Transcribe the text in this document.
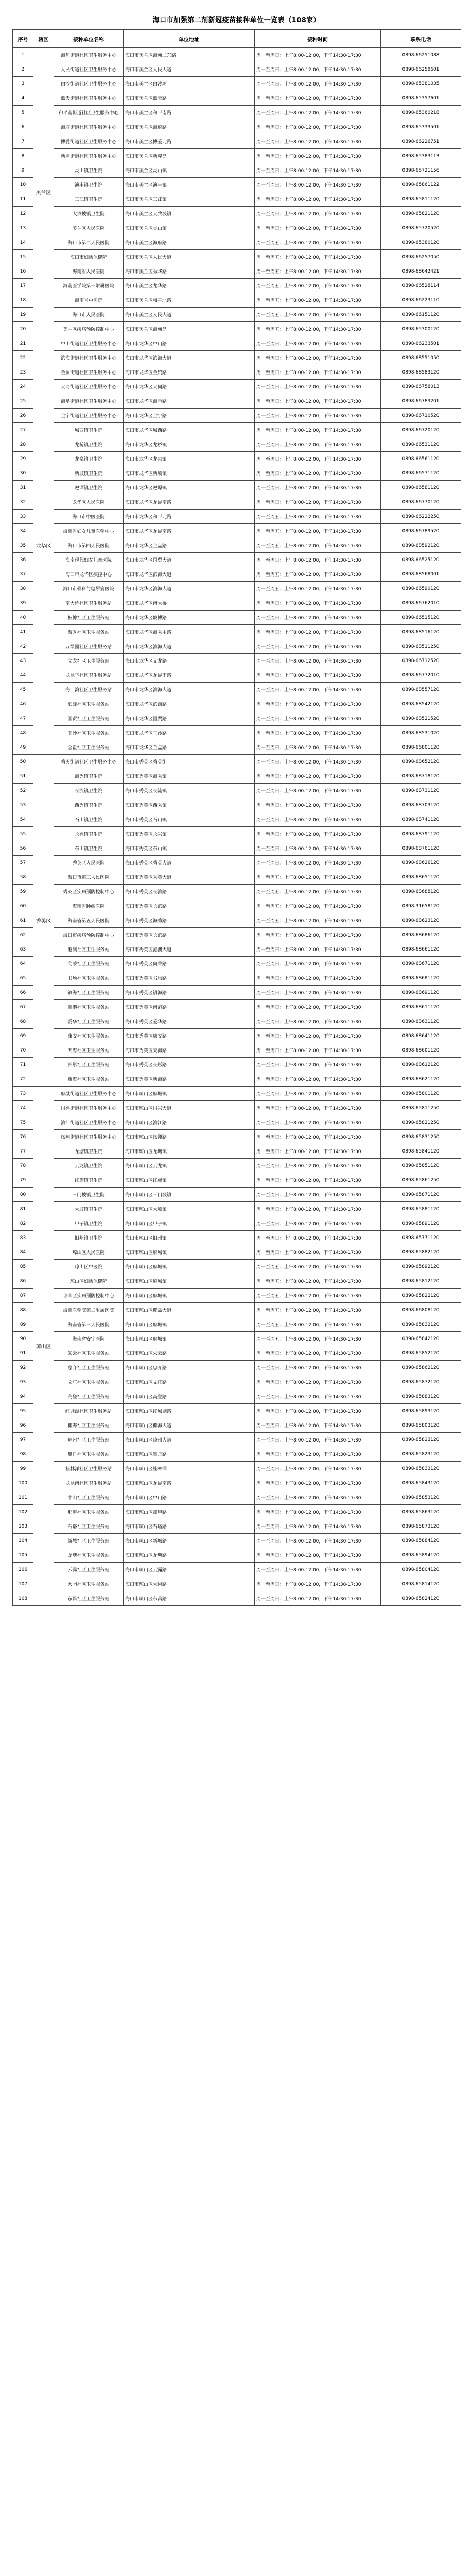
海口市加强第二剂新冠疫苗接种单位一览表（108家）
序号	辖区	接种单位名称	单位地址	接种时间	联系电话
1	美兰区	海甸街道社区卫生服务中心	海口市美兰区海甸二东路	周一至周日：上午8:00-12:00，下午14:30-17:30	0898-66251088
2		人民街道社区卫生服务中心	海口市美兰区人民大道	周一至周日：上午8:00-12:00，下午14:30-17:30	0898-66258601
3		白沙街道社区卫生服务中心	海口市美兰区白沙坊	周一至周日：上午8:00-12:00，下午14:30-17:30	0898-65381035
4		蓝天街道社区卫生服务中心	海口市美兰区蓝天路	周一至周日：上午8:00-12:00，下午14:30-17:30	0898-65357601
5		和平南街道社区卫生服务中心	海口市美兰区和平南路	周一至周日：上午8:00-12:00，下午14:30-17:30	0898-65360218
6		海府街道社区卫生服务中心	海口市美兰区海府路	周一至周日：上午8:00-12:00，下午14:30-17:30	0898-65333501
7		博爱街道社区卫生服务中心	海口市美兰区博爱北路	周一至周日：上午8:00-12:00，下午14:30-17:30	0898-66226751
8		新埠街道社区卫生服务中心	海口市美兰区新埠岛	周一至周日：上午8:00-12:00，下午14:30-17:30	0898-65383113
9		灵山镇卫生院	海口市美兰区灵山镇	周一至周日：上午8:00-12:00，下午14:30-17:30	0898-65721156
10		演丰镇卫生院	海口市美兰区演丰镇	周一至周日：上午8:00-12:00，下午14:30-17:30	0898-65861122
11		三江镇卫生院	海口市美兰区三江镇	周一至周日：上午8:00-12:00，下午14:30-17:30	0898-65811120
12		大致坡镇卫生院	海口市美兰区大致坡镇	周一至周日：上午8:00-12:00，下午14:30-17:30	0898-65821120
13		美兰区人民医院	海口市美兰区灵山镇	周一至周日：上午8:00-12:00，下午14:30-17:30	0898-65720520
14		海口市第二人民医院	海口市美兰区海府路	周一至周五：上午8:00-12:00，下午14:30-17:30	0898-65380120
15		海口市妇幼保健院	海口市美兰区人民大道	周一至周五：上午8:00-12:00，下午14:30-17:30	0898-66257050
16		海南省人民医院	海口市美兰区秀华路	周一至周五：上午8:00-12:00，下午14:30-17:30	0898-68642421
17		海南医学院第一附属医院	海口市美兰区龙华路	周一至周五：上午8:00-12:00，下午14:30-17:30	0898-66528114
18		海南省中医院	海口市美兰区和平北路	周一至周五：上午8:00-12:00，下午14:30-17:30	0898-66223110
19		海口市人民医院	海口市美兰区人民大道	周一至周五：上午8:00-12:00，下午14:30-17:30	0898-66151120
20		美兰区疾病预防控制中心	海口市美兰区海甸岛	周一至周五：上午8:00-12:00，下午14:30-17:30	0898-65300120
21	龙华区	中山街道社区卫生服务中心	海口市龙华区中山路	周一至周日：上午8:00-12:00，下午14:30-17:30	0898-66233501
22		滨海街道社区卫生服务中心	海口市龙华区滨海大道	周一至周日：上午8:00-12:00，下午14:30-17:30	0898-68551050
23		金贸街道社区卫生服务中心	海口市龙华区金贸路	周一至周日：上午8:00-12:00，下午14:30-17:30	0898-68583120
24		大同街道社区卫生服务中心	海口市龙华区大同路	周一至周日：上午8:00-12:00，下午14:30-17:30	0898-66758013
25		海垦街道社区卫生服务中心	海口市龙华区海垦路	周一至周日：上午8:00-12:00，下午14:30-17:30	0898-66783201
26		金宇街道社区卫生服务中心	海口市龙华区金宇路	周一至周日：上午8:00-12:00，下午14:30-17:30	0898-66710520
27		城西镇卫生院	海口市龙华区城西路	周一至周日：上午8:00-12:00，下午14:30-17:30	0898-66720120
28		龙桥镇卫生院	海口市龙华区龙桥镇	周一至周日：上午8:00-12:00，下午14:30-17:30	0898-66531120
29		龙泉镇卫生院	海口市龙华区龙泉镇	周一至周日：上午8:00-12:00，下午14:30-17:30	0898-66561120
30		新坡镇卫生院	海口市龙华区新坡镇	周一至周日：上午8:00-12:00，下午14:30-17:30	0898-66571120
31		遵谭镇卫生院	海口市龙华区遵谭镇	周一至周日：上午8:00-12:00，下午14:30-17:30	0898-66581120
32		龙华区人民医院	海口市龙华区龙昆南路	周一至周日：上午8:00-12:00，下午14:30-17:30	0898-66770120
33		海口市中医医院	海口市龙华区和平北路	周一至周五：上午8:00-12:00，下午14:30-17:30	0898-66222250
34		海南省妇女儿童医学中心	海口市龙华区龙昆南路	周一至周五：上午8:00-12:00，下午14:30-17:30	0898-66789520
35		海口市第四人民医院	海口市龙华区金盘路	周一至周五：上午8:00-12:00，下午14:30-17:30	0898-68592120
36		海南现代妇女儿童医院	海口市龙华区国贸大道	周一至周日：上午8:00-12:00，下午14:30-17:30	0898-66525120
37		海口市龙华区疾控中心	海口市龙华区滨海大道	周一至周五：上午8:00-12:00，下午14:30-17:30	0898-68568001
38		海口市骨科与糖尿病医院	海口市龙华区滨海大道	周一至周五：上午8:00-12:00，下午14:30-17:30	0898-66590120
39		南大桥社区卫生服务站	海口市龙华区南大桥	周一至周日：上午8:00-12:00，下午14:30-17:30	0898-66762010
40		坡博社区卫生服务站	海口市龙华区坡博路	周一至周日：上午8:00-12:00，下午14:30-17:30	0898-66515120
41		海秀社区卫生服务站	海口市龙华区海秀中路	周一至周日：上午8:00-12:00，下午14:30-17:30	0898-68516120
42		万绿园社区卫生服务站	海口市龙华区滨海大道	周一至周日：上午8:00-12:00，下午14:30-17:30	0898-68511250
43		义龙社区卫生服务站	海口市龙华区义龙路	周一至周日：上午8:00-12:00，下午14:30-17:30	0898-66712520
44		龙昆下社区卫生服务站	海口市龙华区龙昆下路	周一至周日：上午8:00-12:00，下午14:30-17:30	0898-66772010
45		海口湾社区卫生服务站	海口市龙华区滨海大道	周一至周日：上午8:00-12:00，下午14:30-17:30	0898-68557120
46		滨濂社区卫生服务站	海口市龙华区滨濂路	周一至周日：上午8:00-12:00，下午14:30-17:30	0898-68542120
47		国贸社区卫生服务站	海口市龙华区国贸路	周一至周日：上午8:00-12:00，下午14:30-17:30	0898-68521520
48		玉沙社区卫生服务站	海口市龙华区玉沙路	周一至周日：上午8:00-12:00，下午14:30-17:30	0898-68531020
49		金盘社区卫生服务站	海口市龙华区金盘路	周一至周日：上午8:00-12:00，下午14:30-17:30	0898-66801120
50	秀英区	秀英街道社区卫生服务中心	海口市秀英区秀英街	周一至周日：上午8:00-12:00，下午14:30-17:30	0898-68652120
51		海秀镇卫生院	海口市秀英区海秀镇	周一至周日：上午8:00-12:00，下午14:30-17:30	0898-68718120
52		长流镇卫生院	海口市秀英区长流镇	周一至周日：上午8:00-12:00，下午14:30-17:30	0898-68731120
53		西秀镇卫生院	海口市秀英区西秀镇	周一至周日：上午8:00-12:00，下午14:30-17:30	0898-68703120
54		石山镇卫生院	海口市秀英区石山镇	周一至周日：上午8:00-12:00，下午14:30-17:30	0898-68741120
55		永兴镇卫生院	海口市秀英区永兴镇	周一至周日：上午8:00-12:00，下午14:30-17:30	0898-68791120
56		东山镇卫生院	海口市秀英区东山镇	周一至周日：上午8:00-12:00，下午14:30-17:30	0898-68761120
57		秀英区人民医院	海口市秀英区秀英大道	周一至周日：上午8:00-12:00，下午14:30-17:30	0898-68626120
58		海口市第三人民医院	海口市秀英区秀英大道	周一至周五：上午8:00-12:00，下午14:30-17:30	0898-68651120
59		秀英区疾病预防控制中心	海口市秀英区长滨路	周一至周五：上午8:00-12:00，下午14:30-17:30	0898-68688120
60		海南省肿瘤医院	海口市秀英区长滨路	周一至周五：上午8:00-12:00，下午14:30-17:30	0898-31658120
61		海南省第五人民医院	海口市秀英区海秀路	周一至周五：上午8:00-12:00，下午14:30-17:30	0898-68623120
62		海口市疾病预防控制中心	海口市秀英区长滨路	周一至周五：上午8:00-12:00，下午14:30-17:30	0898-68686120
63		港澳社区卫生服务站	海口市秀英区港澳大道	周一至周日：上午8:00-12:00，下午14:30-17:30	0898-68661120
64		向荣社区卫生服务站	海口市秀英区向荣路	周一至周日：上午8:00-12:00，下午14:30-17:30	0898-68671120
65		书场社区卫生服务站	海口市秀英区书场路	周一至周日：上午8:00-12:00，下午14:30-17:30	0898-68681120
66		镇海社区卫生服务站	海口市秀英区镇海路	周一至周日：上午8:00-12:00，下午14:30-17:30	0898-68691120
67		南港社区卫生服务站	海口市秀英区南港路	周一至周日：上午8:00-12:00，下午14:30-17:30	0898-68611120
68		爱华社区卫生服务站	海口市秀英区爱华路	周一至周日：上午8:00-12:00，下午14:30-17:30	0898-68631120
69		康安社区卫生服务站	海口市秀英区康安路	周一至周日：上午8:00-12:00，下午14:30-17:30	0898-68641120
70		天海社区卫生服务站	海口市秀英区天海路	周一至周日：上午8:00-12:00，下午14:30-17:30	0898-68601120
71		长彤社区卫生服务站	海口市秀英区长彤路	周一至周日：上午8:00-12:00，下午14:30-17:30	0898-68612120
72		新海社区卫生服务站	海口市秀英区新海路	周一至周日：上午8:00-12:00，下午14:30-17:30	0898-68621120
73	琼山区	府城街道社区卫生服务中心	海口市琼山区府城镇	周一至周日：上午8:00-12:00，下午14:30-17:30	0898-65801120
74		国兴街道社区卫生服务中心	海口市琼山区国兴大道	周一至周日：上午8:00-12:00，下午14:30-17:30	0898-65811250
75		滨江街道社区卫生服务中心	海口市琼山区滨江路	周一至周日：上午8:00-12:00，下午14:30-17:30	0898-65821250
76		凤翔街道社区卫生服务中心	海口市琼山区凤翔路	周一至周日：上午8:00-12:00，下午14:30-17:30	0898-65831250
77		龙塘镇卫生院	海口市琼山区龙塘镇	周一至周日：上午8:00-12:00，下午14:30-17:30	0898-65841120
78		云龙镇卫生院	海口市琼山区云龙镇	周一至周日：上午8:00-12:00，下午14:30-17:30	0898-65851120
79		红旗镇卫生院	海口市琼山区红旗镇	周一至周日：上午8:00-12:00，下午14:30-17:30	0898-65861250
80		三门坡镇卫生院	海口市琼山区三门坡镇	周一至周日：上午8:00-12:00，下午14:30-17:30	0898-65871120
81		大坡镇卫生院	海口市琼山区大坡镇	周一至周日：上午8:00-12:00，下午14:30-17:30	0898-65881120
82		甲子镇卫生院	海口市琼山区甲子镇	周一至周日：上午8:00-12:00，下午14:30-17:30	0898-65891120
83		旧州镇卫生院	海口市琼山区旧州镇	周一至周日：上午8:00-12:00，下午14:30-17:30	0898-65771120
84		琼山区人民医院	海口市琼山区府城镇	周一至周日：上午8:00-12:00，下午14:30-17:30	0898-65882120
85		琼山区中医院	海口市琼山区府城镇	周一至周五：上午8:00-12:00，下午14:30-17:30	0898-65892120
86		琼山区妇幼保健院	海口市琼山区府城镇	周一至周五：上午8:00-12:00，下午14:30-17:30	0898-65812120
87		琼山区疾病预防控制中心	海口市琼山区府城镇	周一至周五：上午8:00-12:00，下午14:30-17:30	0898-65822120
88		海南医学院第二附属医院	海口市琼山区椰岛大道	周一至周五：上午8:00-12:00，下午14:30-17:30	0898-66808120
89		海南省第三人民医院	海口市琼山区府城镇	周一至周五：上午8:00-12:00，下午14:30-17:30	0898-65832120
90		海南省安宁医院	海口市琼山区府城镇	周一至周五：上午8:00-12:00，下午14:30-17:30	0898-65842120
91		朱云社区卫生服务站	海口市琼山区朱云路	周一至周日：上午8:00-12:00，下午14:30-17:30	0898-65852120
92		忠介社区卫生服务站	海口市琼山区忠介路	周一至周日：上午8:00-12:00，下午14:30-17:30	0898-65862120
93		文庄社区卫生服务站	海口市琼山区文庄路	周一至周日：上午8:00-12:00，下午14:30-17:30	0898-65872120
94		高登社区卫生服务站	海口市琼山区高登路	周一至周日：上午8:00-12:00，下午14:30-17:30	0898-65883120
95		红城湖社区卫生服务站	海口市琼山区红城湖路	周一至周日：上午8:00-12:00，下午14:30-17:30	0898-65893120
96		椰海社区卫生服务站	海口市琼山区椰海大道	周一至周日：上午8:00-12:00，下午14:30-17:30	0898-65803120
97		琼州社区卫生服务站	海口市琼山区琼州大道	周一至周日：上午8:00-12:00，下午14:30-17:30	0898-65813120
98		攀丹社区卫生服务站	海口市琼山区攀丹路	周一至周日：上午8:00-12:00，下午14:30-17:30	0898-65823120
99		桂林洋社区卫生服务站	海口市琼山区桂林洋	周一至周日：上午8:00-12:00，下午14:30-17:30	0898-65833120
100		龙昆南社区卫生服务站	海口市琼山区龙昆南路	周一至周日：上午8:00-12:00，下午14:30-17:30	0898-65843120
101		中山社区卫生服务站	海口市琼山区中山路	周一至周日：上午8:00-12:00，下午14:30-17:30	0898-65853120
102		那甲社区卫生服务站	海口市琼山区那甲路	周一至周日：上午8:00-12:00，下午14:30-17:30	0898-65863120
103		石塔社区卫生服务站	海口市琼山区石塔路	周一至周日：上午8:00-12:00，下午14:30-17:30	0898-65873120
104		新城社区卫生服务站	海口市琼山区新城路	周一至周日：上午8:00-12:00，下午14:30-17:30	0898-65884120
105		龙塘社区卫生服务站	海口市琼山区龙塘路	周一至周日：上午8:00-12:00，下午14:30-17:30	0898-65894120
106		云露社区卫生服务站	海口市琼山区云露路	周一至周日：上午8:00-12:00，下午14:30-17:30	0898-65804120
107		大园社区卫生服务站	海口市琼山区大园路	周一至周日：上午8:00-12:00，下午14:30-17:30	0898-65814120
108		东昌社区卫生服务站	海口市琼山区东昌路	周一至周日：上午8:00-12:00，下午14:30-17:30	0898-65824120
